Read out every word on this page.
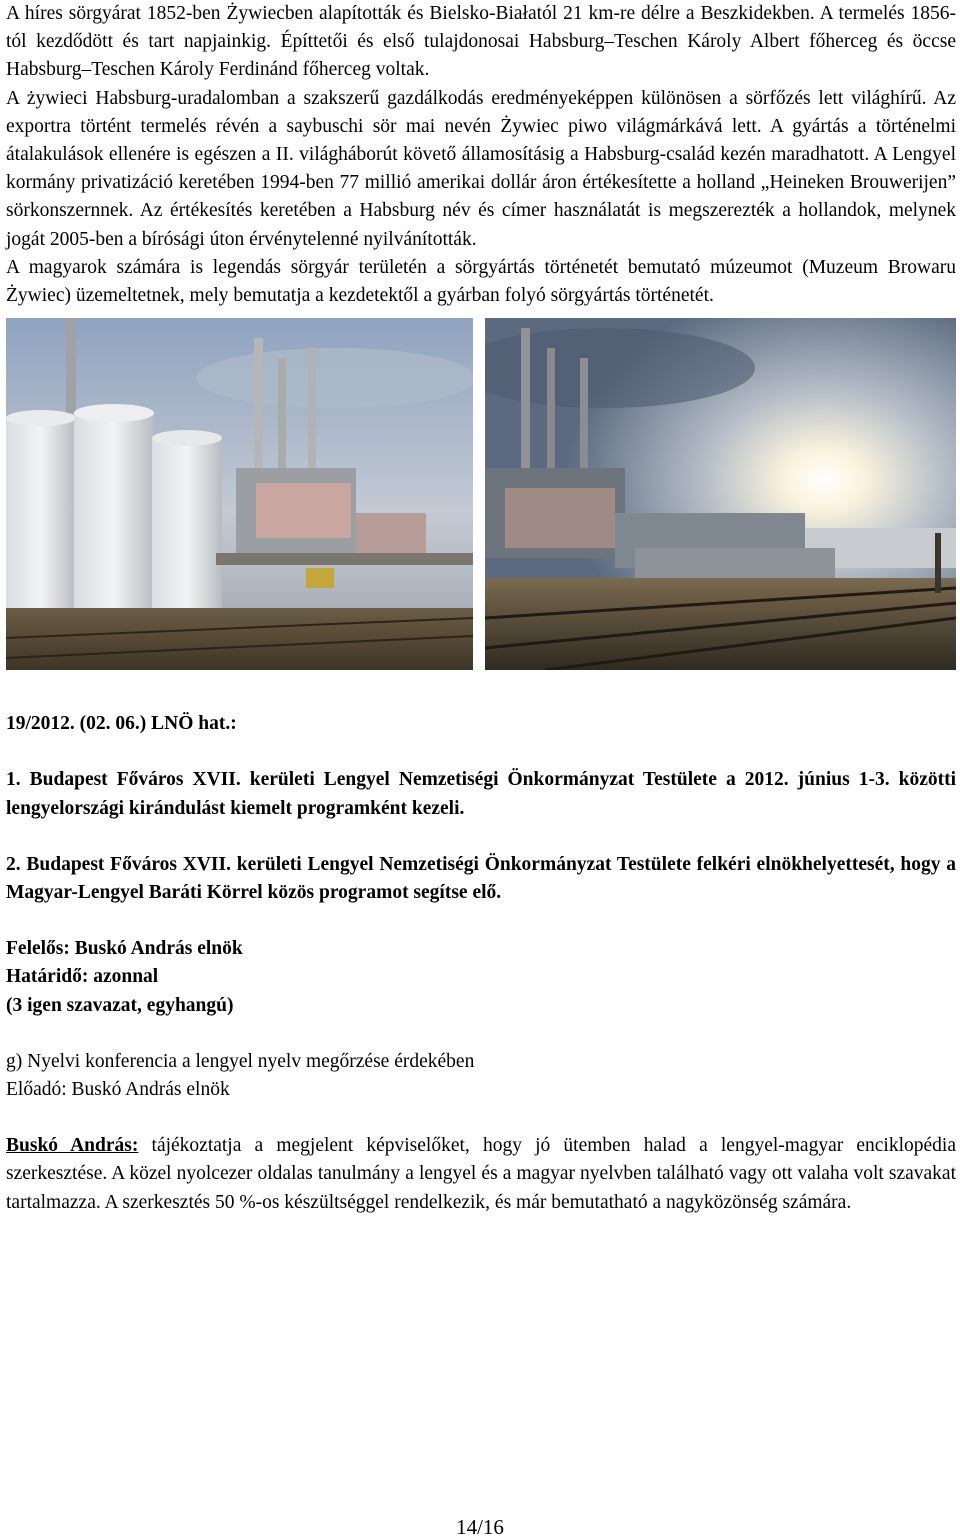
A híres sörgyárat 1852-ben Żywiecben alapították és Bielsko-Białatól 21 km-re délre a Beszkidekben. A termelés 1856-tól kezdődött és tart napjainkig. Építtetői és első tulajdonosai Habsburg–Teschen Károly Albert főherceg és öccse Habsburg–Teschen Károly Ferdinánd főherceg voltak.

A żywieci Habsburg-uradalomban a szakszerű gazdálkodás eredményeképpen különösen a sörfőzés lett világhírű. Az exportra történt termelés révén a saybuschi sör mai nevén Żywiec piwo világmárkává lett. A gyártás a történelmi átalakulások ellenére is egészen a II. világháborút követő államosításig a Habsburg-család kezén maradhatott. A Lengyel kormány privatizáció keretében 1994-ben 77 millió amerikai dollár áron értékesítette a holland „Heineken Brouwerijen” sörkonszernnek. Az értékesítés keretében a Habsburg név és címer használatát is megszerezték a hollandok, melynek jogát 2005-ben a bírósági úton érvénytelenné nyilvánították.

A magyarok számára is legendás sörgyár területén a sörgyártás történetét bemutató múzeumot (Muzeum Browaru Żywiec) üzemeltetnek, mely bemutatja a kezdetektől a gyárban folyó sörgyártás történetét.

19/2012. (02. 06.) LNÖ hat.:

1. Budapest Főváros XVII. kerületi Lengyel Nemzetiségi Önkormányzat Testülete a 2012. június 1-3. közötti lengyelországi kirándulást kiemelt programként kezeli.

2. Budapest Főváros XVII. kerületi Lengyel Nemzetiségi Önkormányzat Testülete felkéri elnökhelyettesét, hogy a Magyar-Lengyel Baráti Körrel közös programot segítse elő.

Felelős: Buskó András elnök

Határidő: azonnal

(3 igen szavazat, egyhangú)

g) Nyelvi konferencia a lengyel nyelv megőrzése érdekében

Előadó: Buskó András elnök

Buskó András: tájékoztatja a megjelent képviselőket, hogy jó ütemben halad a lengyel-magyar enciklopédia szerkesztése. A közel nyolcezer oldalas tanulmány a lengyel és a magyar nyelvben található vagy ott valaha volt szavakat tartalmazza. A szerkesztés 50 %-os készültséggel rendelkezik, és már bemutatható a nagyközönség számára.

14/16
